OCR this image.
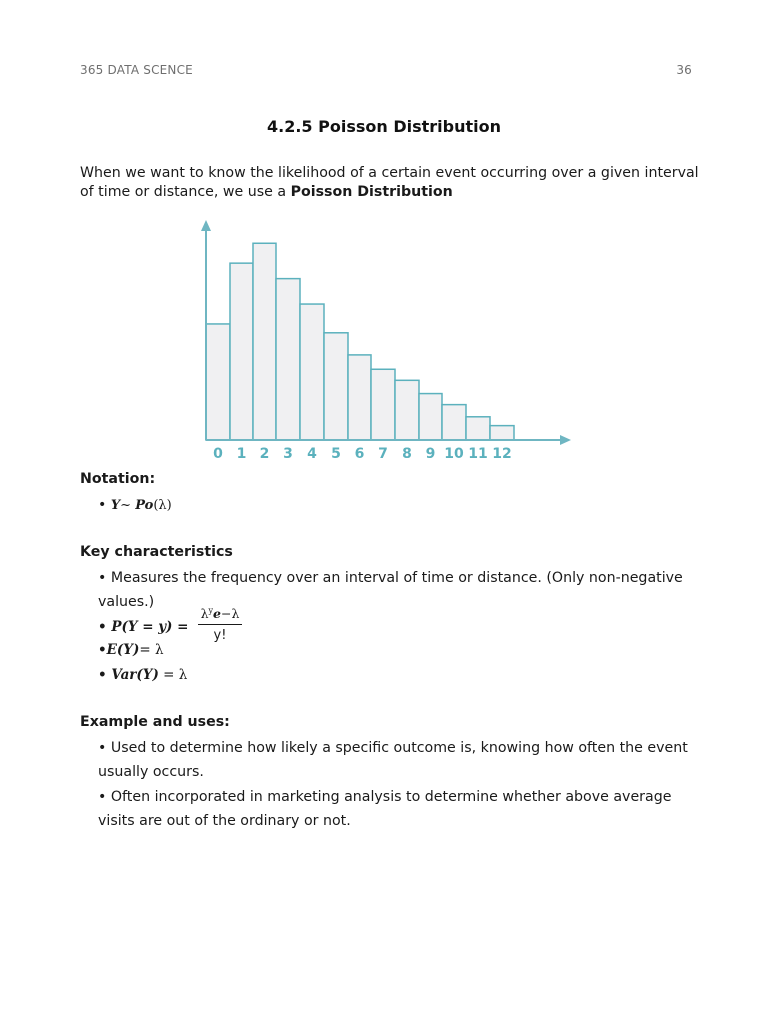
365 DATA SCENCE	36
4.2.5 Poisson Distribution
When we want to know the likelihood of a certain event occurring over a given interval of time or distance, we use a Poisson Distribution
0 1 2 3 4 5 6 7 8 9 10 11 12
Notation:
• Y~ Po(λ)
Key characteristics
• Measures the frequency over an interval of time or distance. (Only non-negative
values.)
• P(Y = y) =
$\lambda^ye-\lambda$
y!
•E(Y)= λ
• Var(Y) = λ
Example and uses:
• Used to determine how likely a specific outcome is, knowing how often the event
usually occurs.
• Often incorporated in marketing analysis to determine whether above average
visits are out of the ordinary or not.
